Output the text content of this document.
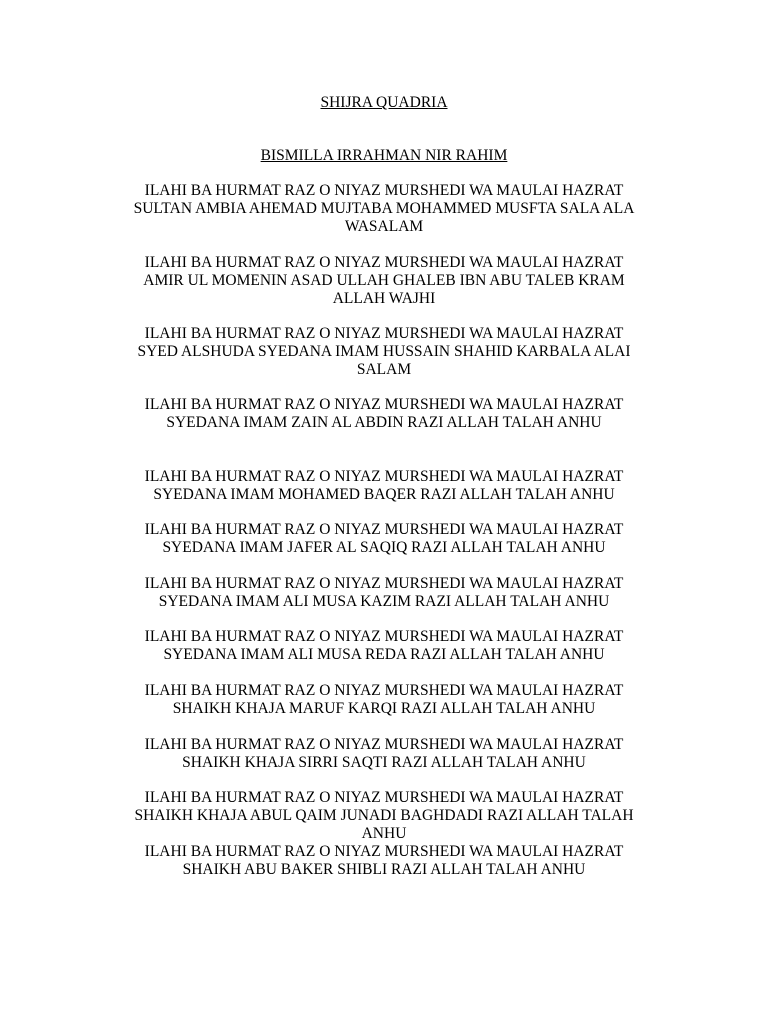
SHIJRA QUADRIA
BISMILLA IRRAHMAN NIR RAHIM
ILAHI BA HURMAT RAZ O NIYAZ MURSHEDI WA MAULAI HAZRAT
SULTAN AMBIA AHEMAD MUJTABA MOHAMMED MUSFTA SALA ALA
WASALAM
ILAHI BA HURMAT RAZ O NIYAZ MURSHEDI WA MAULAI HAZRAT
AMIR UL MOMENIN ASAD ULLAH GHALEB IBN ABU TALEB KRAM
ALLAH WAJHI
ILAHI BA HURMAT RAZ O NIYAZ MURSHEDI WA MAULAI HAZRAT
SYED ALSHUDA SYEDANA IMAM HUSSAIN SHAHID KARBALA ALAI
SALAM
ILAHI BA HURMAT RAZ O NIYAZ MURSHEDI WA MAULAI HAZRAT
SYEDANA IMAM ZAIN AL ABDIN RAZI ALLAH TALAH ANHU
ILAHI BA HURMAT RAZ O NIYAZ MURSHEDI WA MAULAI HAZRAT
SYEDANA IMAM MOHAMED BAQER RAZI ALLAH TALAH ANHU
ILAHI BA HURMAT RAZ O NIYAZ MURSHEDI WA MAULAI HAZRAT
SYEDANA IMAM JAFER AL SAQIQ RAZI ALLAH TALAH ANHU
ILAHI BA HURMAT RAZ O NIYAZ MURSHEDI WA MAULAI HAZRAT
SYEDANA IMAM ALI MUSA KAZIM RAZI ALLAH TALAH ANHU
ILAHI BA HURMAT RAZ O NIYAZ MURSHEDI WA MAULAI HAZRAT
SYEDANA IMAM ALI MUSA REDA RAZI ALLAH TALAH ANHU
ILAHI BA HURMAT RAZ O NIYAZ MURSHEDI WA MAULAI HAZRAT
SHAIKH KHAJA MARUF KARQI RAZI ALLAH TALAH ANHU
ILAHI BA HURMAT RAZ O NIYAZ MURSHEDI WA MAULAI HAZRAT
SHAIKH KHAJA SIRRI SAQTI RAZI ALLAH TALAH ANHU
ILAHI BA HURMAT RAZ O NIYAZ MURSHEDI WA MAULAI HAZRAT
SHAIKH KHAJA ABUL QAIM JUNADI BAGHDADI RAZI ALLAH TALAH
ANHU
ILAHI BA HURMAT RAZ O NIYAZ MURSHEDI WA MAULAI HAZRAT
SHAIKH ABU BAKER SHIBLI RAZI ALLAH TALAH ANHU
